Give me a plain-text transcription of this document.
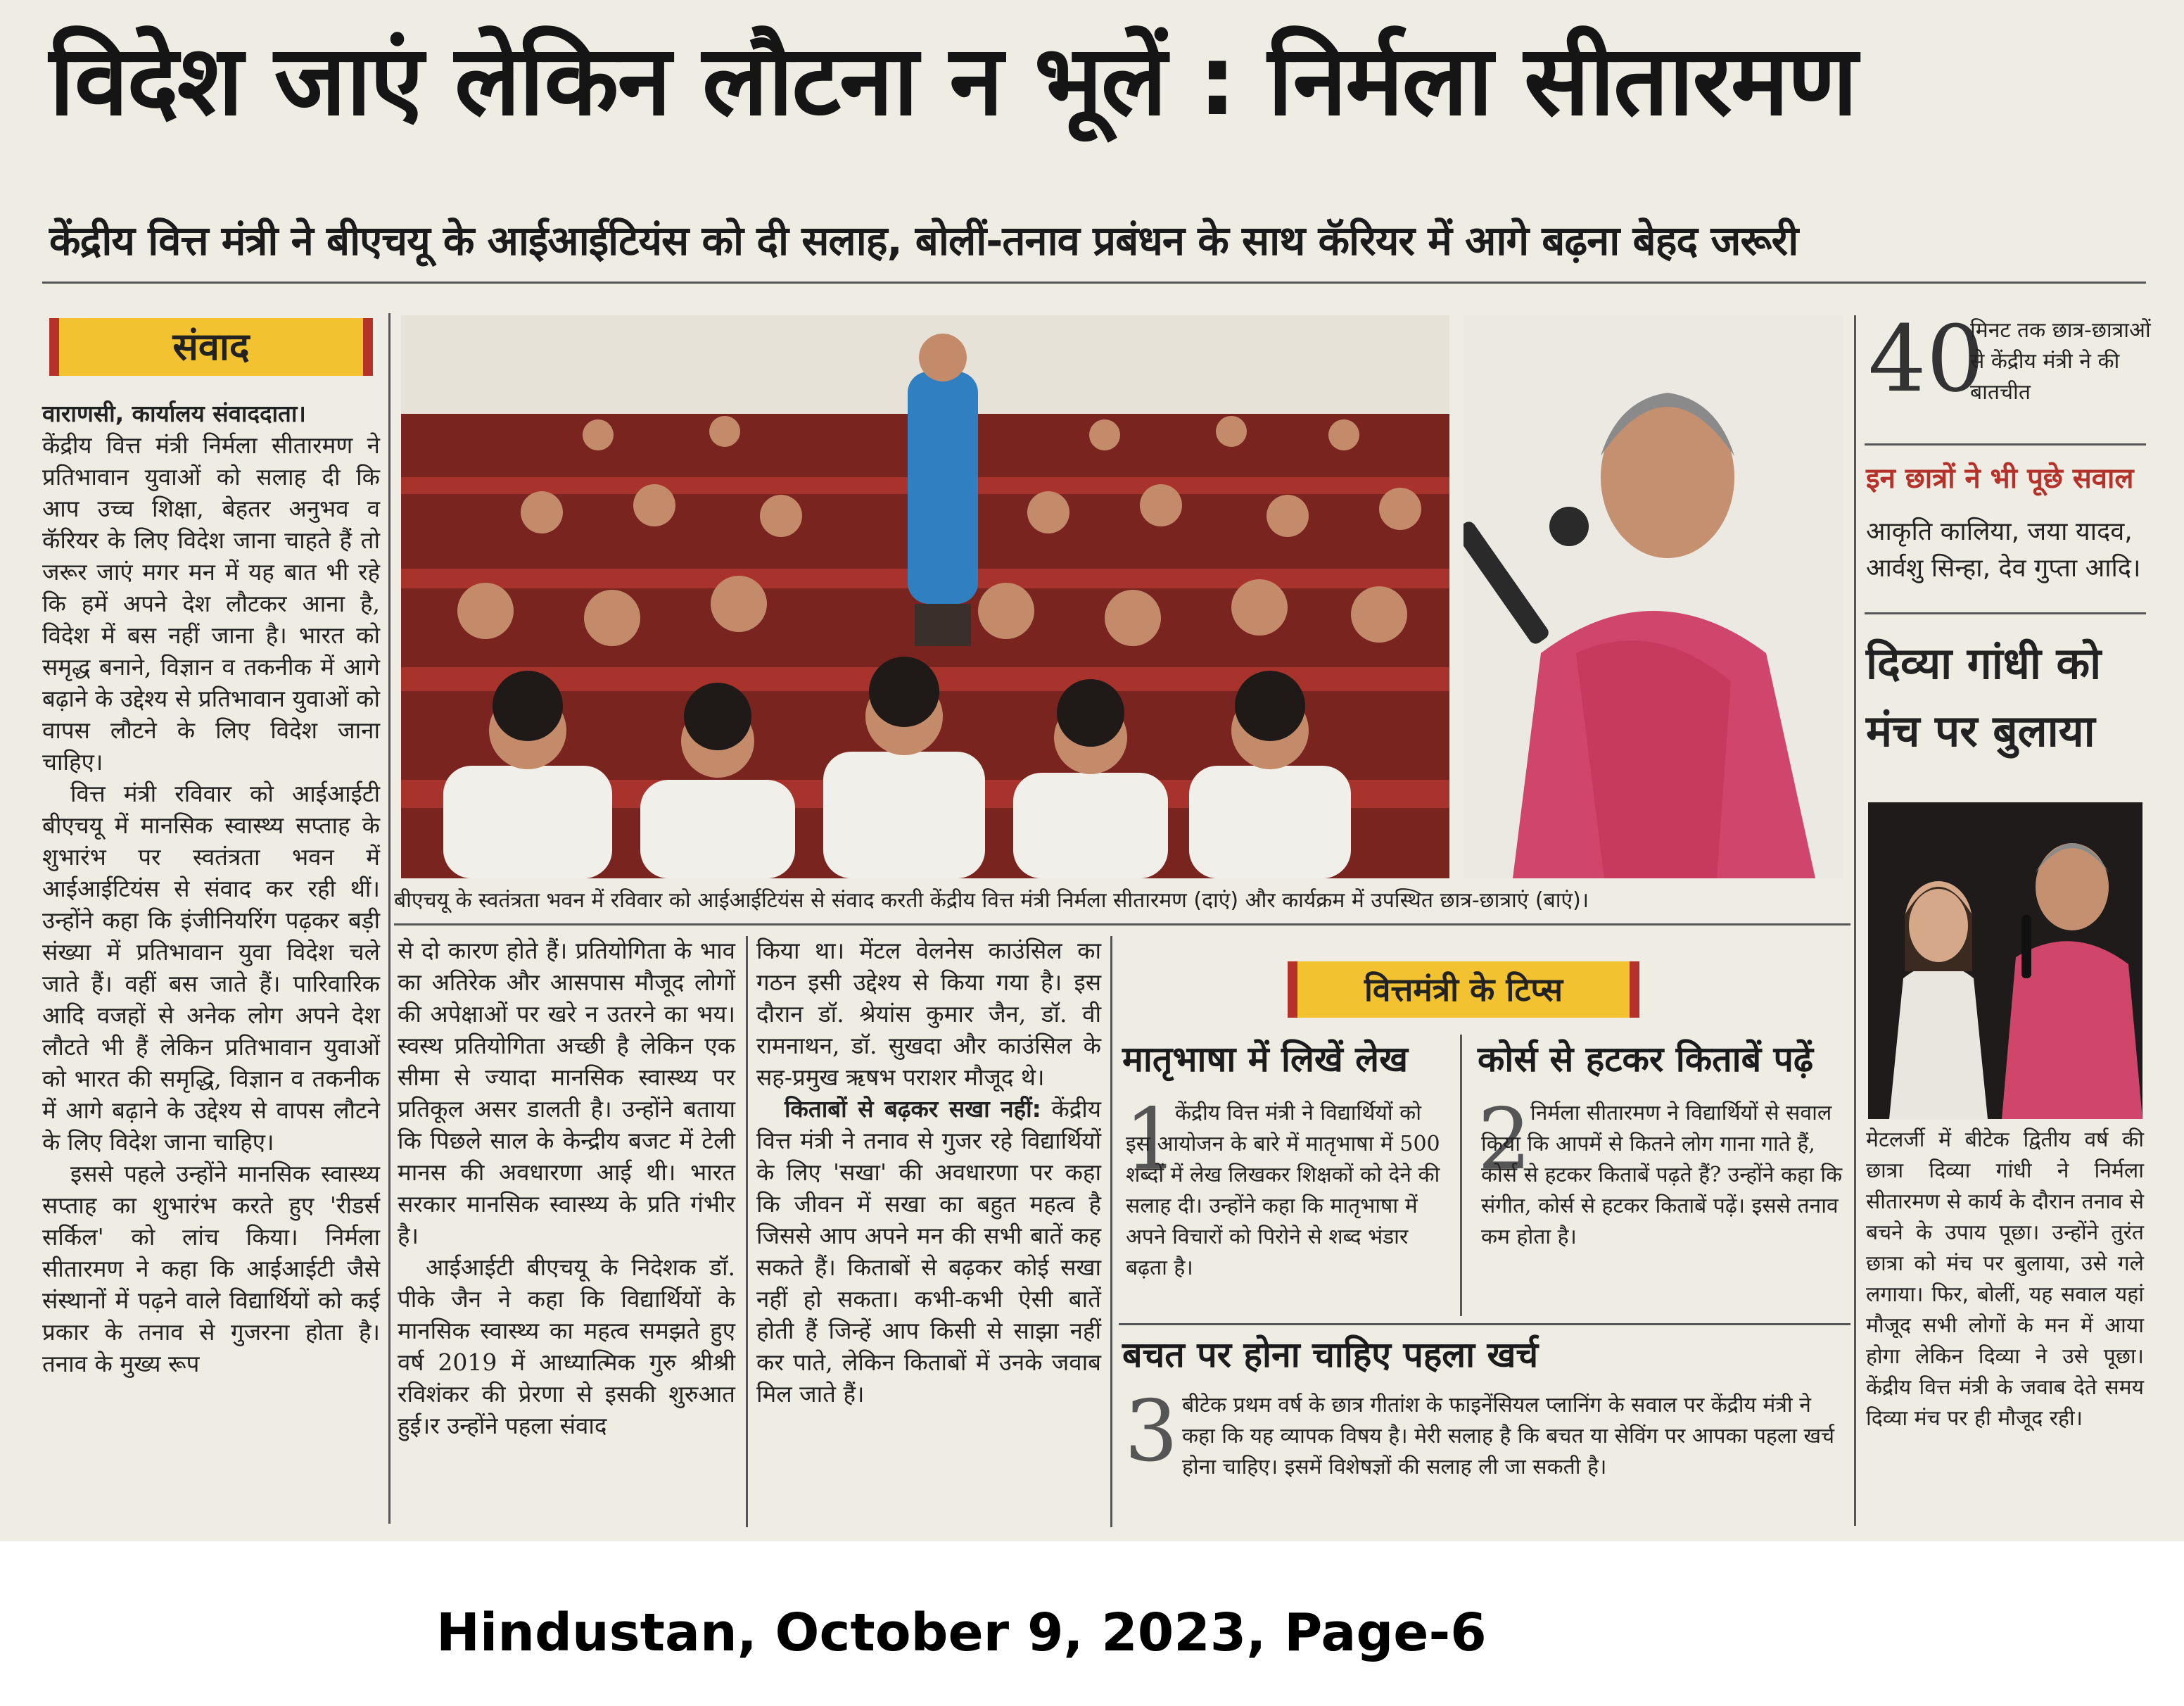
विदेश जाएं लेकिन लौटना न भूलें : निर्मला सीतारमण
केंद्रीय वित्त मंत्री ने बीएचयू के आईआईटियंस को दी सलाह, बोलीं-तनाव प्रबंधन के साथ कॅरियर में आगे बढ़ना बेहद जरूरी
संवाद

वाराणसी, कार्यालय संवाददाता।

केंद्रीय वित्त मंत्री निर्मला सीतारमण ने प्रतिभावान युवाओं को सलाह दी कि आप उच्च शिक्षा, बेहतर अनुभव व कॅरियर के लिए विदेश जाना चाहते हैं तो जरूर जाएं मगर मन में यह बात भी रहे कि हमें अपने देश लौटकर आना है, विदेश में बस नहीं जाना है। भारत को समृद्ध बनाने, विज्ञान व तकनीक में आगे बढ़ाने के उद्देश्य से प्रतिभावान युवाओं को वापस लौटने के लिए विदेश जाना चाहिए।

वित्त मंत्री रविवार को आईआईटी बीएचयू में मानसिक स्वास्थ्य सप्ताह के शुभारंभ पर स्वतंत्रता भवन में आईआईटियंस से संवाद कर रही थीं। उन्होंने कहा कि इंजीनियरिंग पढ़कर बड़ी संख्या में प्रतिभावान युवा विदेश चले जाते हैं। वहीं बस जाते हैं। पारिवारिक आदि वजहों से अनेक लोग अपने देश लौटते भी हैं लेकिन प्रतिभावान युवाओं को भारत की समृद्धि, विज्ञान व तकनीक में आगे बढ़ाने के उद्देश्य से वापस लौटने के लिए विदेश जाना चाहिए।

इससे पहले उन्होंने मानसिक स्वास्थ्य सप्ताह का शुभारंभ करते हुए 'रीडर्स सर्किल' को लांच किया। निर्मला सीतारमण ने कहा कि आईआईटी जैसे संस्थानों में पढ़ने वाले विद्यार्थियों को कई प्रकार के तनाव से गुजरना होता है। तनाव के मुख्य रूप

बीएचयू के स्वतंत्रता भवन में रविवार को आईआईटियंस से संवाद करती केंद्रीय वित्त मंत्री निर्मला सीतारमण (दाएं) और कार्यक्रम में उपस्थित छात्र-छात्राएं (बाएं)।

से दो कारण होते हैं। प्रतियोगिता के भाव का अतिरेक और आसपास मौजूद लोगों की अपेक्षाओं पर खरे न उतरने का भय। स्वस्थ प्रतियोगिता अच्छी है लेकिन एक सीमा से ज्यादा मानसिक स्वास्थ्य पर प्रतिकूल असर डालती है। उन्होंने बताया कि पिछले साल के केन्द्रीय बजट में टेली मानस की अवधारणा आई थी। भारत सरकार मानसिक स्वास्थ्य के प्रति गंभीर है।

आईआईटी बीएचयू के निदेशक डॉ. पीके जैन ने कहा कि विद्यार्थियों के मानसिक स्वास्थ्य का महत्व समझते हुए वर्ष 2019 में आध्यात्मिक गुरु श्रीश्री रविशंकर की प्रेरणा से इसकी शुरुआत हुई।र उन्होंने पहला संवाद

किया था। मेंटल वेलनेस काउंसिल का गठन इसी उद्देश्य से किया गया है। इस दौरान डॉ. श्रेयांस कुमार जैन, डॉ. वी रामनाथन, डॉ. सुखदा और काउंसिल के सह-प्रमुख ऋषभ पराशर मौजूद थे।

किताबों से बढ़कर सखा नहीं: केंद्रीय वित्त मंत्री ने तनाव से गुजर रहे विद्यार्थियों के लिए 'सखा' की अवधारणा पर कहा कि जीवन में सखा का बहुत महत्व है जिससे आप अपने मन की सभी बातें कह सकते हैं। किताबों से बढ़कर कोई सखा नहीं हो सकता। कभी-कभी ऐसी बातें होती हैं जिन्हें आप किसी से साझा नहीं कर पाते, लेकिन किताबों में उनके जवाब मिल जाते हैं।

वित्तमंत्री के टिप्स
मातृभाषा में लिखें लेख
1
केंद्रीय वित्त मंत्री ने विद्यार्थियों को इस आयोजन के बारे में मातृभाषा में 500 शब्दों में लेख लिखकर शिक्षकों को देने की सलाह दी। उन्होंने कहा कि मातृभाषा में अपने विचारों को पिरोने से शब्द भंडार बढ़ता है।
कोर्स से हटकर किताबें पढ़ें
2
निर्मला सीतारमण ने विद्यार्थियों से सवाल किया कि आपमें से कितने लोग गाना गाते हैं, कोर्स से हटकर किताबें पढ़ते हैं? उन्होंने कहा कि संगीत, कोर्स से हटकर किताबें पढ़ें। इससे तनाव कम होता है।
बचत पर होना चाहिए पहला खर्च
3 बीटेक प्रथम वर्ष के छात्र गीतांश के फाइनेंसियल प्लानिंग के सवाल पर केंद्रीय मंत्री ने कहा कि यह व्यापक विषय है। मेरी सलाह है कि बचत या सेविंग पर आपका पहला खर्च होना चाहिए। इसमें विशेषज्ञों की सलाह ली जा सकती है।
40
मिनट तक छात्र-छात्राओं से केंद्रीय मंत्री ने की बातचीत
इन छात्रों ने भी पूछे सवाल
आकृति कालिया, जया यादव, आर्वशु सिन्हा, देव गुप्ता आदि।
दिव्या गांधी को मंच पर बुलाया
मेटलर्जी में बीटेक द्वितीय वर्ष की छात्रा दिव्या गांधी ने निर्मला सीतारमण से कार्य के दौरान तनाव से बचने के उपाय पूछा। उन्होंने तुरंत छात्रा को मंच पर बुलाया, उसे गले लगाया। फिर, बोलीं, यह सवाल यहां मौजूद सभी लोगों के मन में आया होगा लेकिन दिव्या ने उसे पूछा। केंद्रीय वित्त मंत्री के जवाब देते समय दिव्या मंच पर ही मौजूद रही।
Hindustan, October 9, 2023, Page-6
